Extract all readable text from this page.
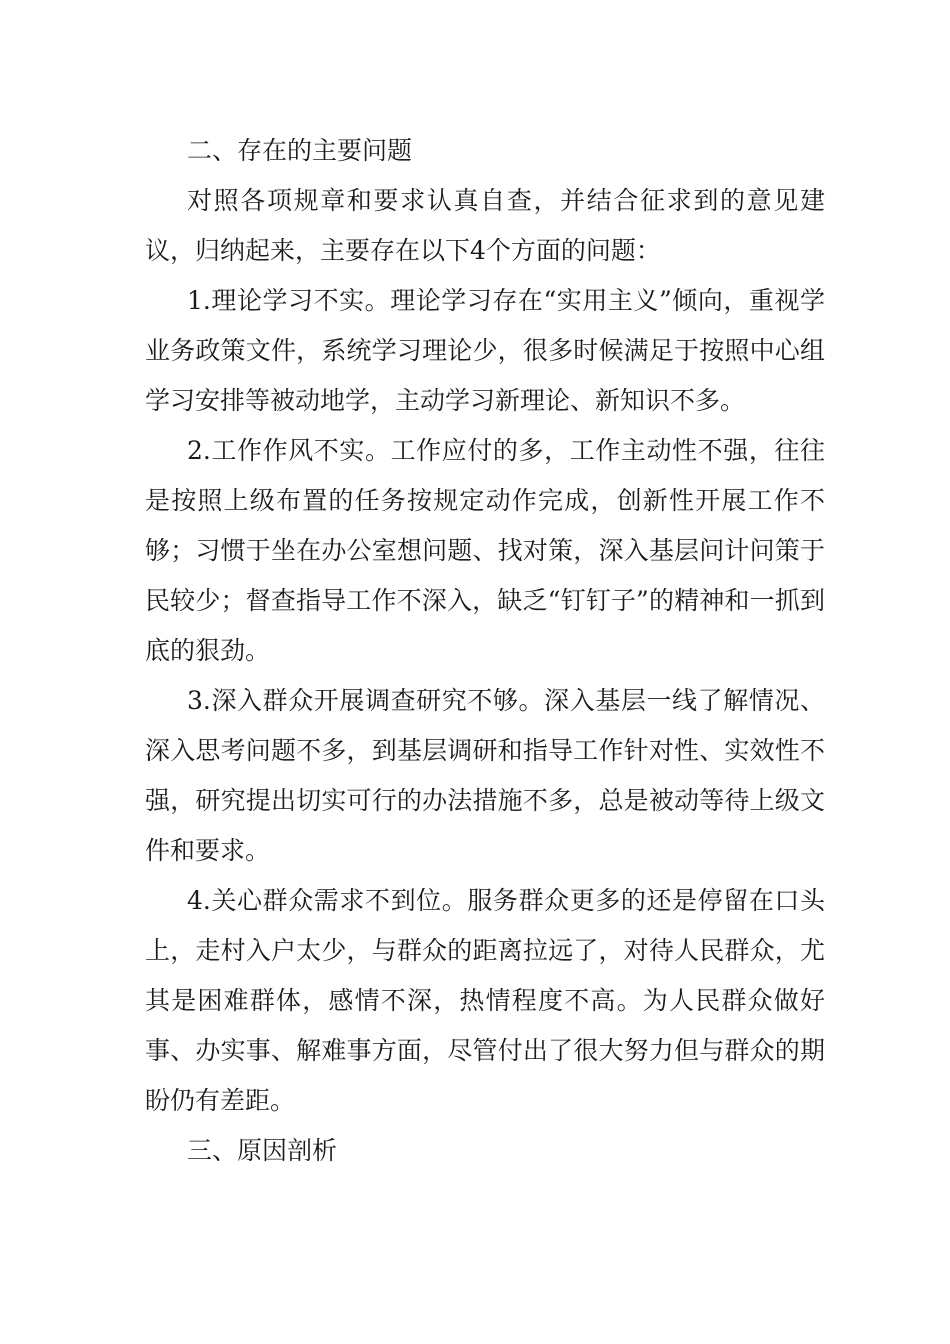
二、存在的主要问题

对照各项规章和要求认真自查，并结合征求到的意见建议，归纳起来，主要存在以下4个方面的问题：

1.理论学习不实。理论学习存在“实用主义”倾向，重视学业务政策文件，系统学习理论少，很多时候满足于按照中心组学习安排等被动地学，主动学习新理论、新知识不多。

2.工作作风不实。工作应付的多，工作主动性不强，往往是按照上级布置的任务按规定动作完成，创新性开展工作不够；习惯于坐在办公室想问题、找对策，深入基层问计问策于民较少；督查指导工作不深入，缺乏“钉钉子”的精神和一抓到底的狠劲。

3.深入群众开展调查研究不够。深入基层一线了解情况、深入思考问题不多，到基层调研和指导工作针对性、实效性不强，研究提出切实可行的办法措施不多，总是被动等待上级文件和要求。

4.关心群众需求不到位。服务群众更多的还是停留在口头上，走村入户太少，与群众的距离拉远了，对待人民群众，尤其是困难群体，感情不深，热情程度不高。为人民群众做好事、办实事、解难事方面，尽管付出了很大努力但与群众的期盼仍有差距。

三、原因剖析
